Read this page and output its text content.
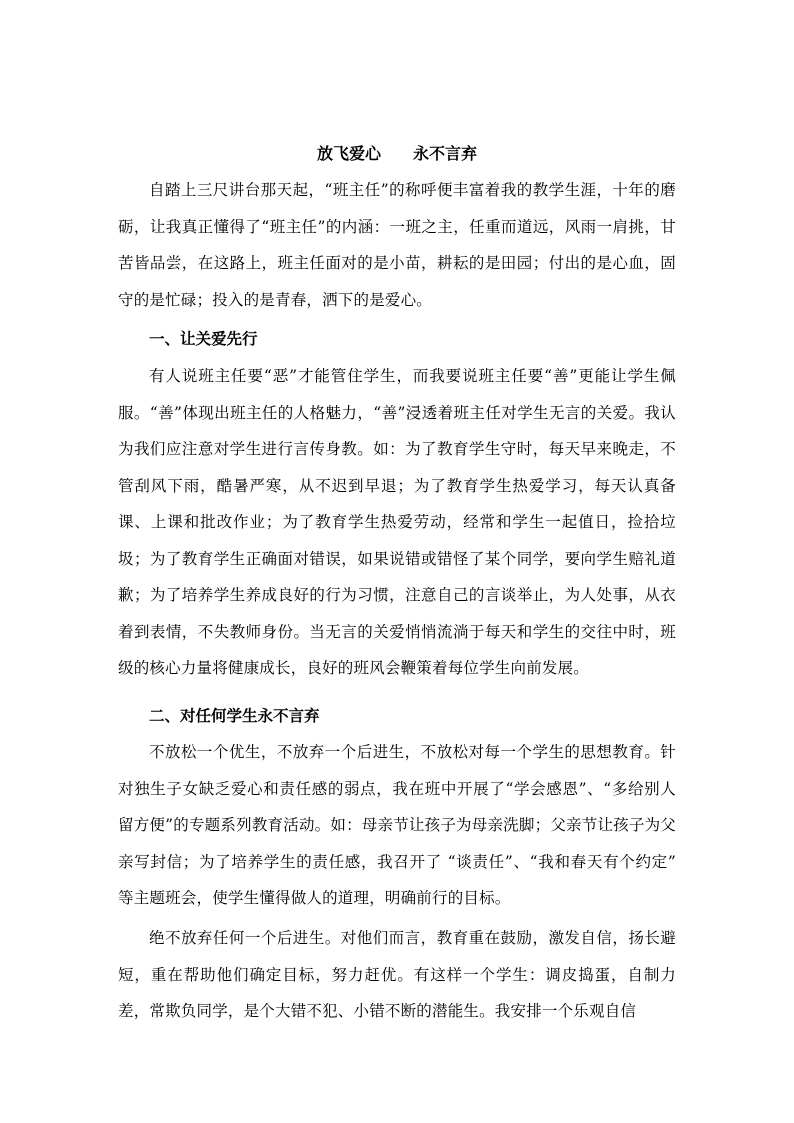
放飞爱心　　永不言弃

自踏上三尺讲台那天起，“班主任”的称呼便丰富着我的教学生涯，十年的磨砺，让我真正懂得了“班主任”的内涵：一班之主，任重而道远，风雨一肩挑，甘苦皆品尝，在这路上，班主任面对的是小苗，耕耘的是田园；付出的是心血，固守的是忙碌；投入的是青春，洒下的是爱心。

一、让关爱先行

有人说班主任要“恶”才能管住学生，而我要说班主任要“善”更能让学生佩服。“善”体现出班主任的人格魅力，“善”浸透着班主任对学生无言的关爱。我认为我们应注意对学生进行言传身教。如：为了教育学生守时，每天早来晚走，不管刮风下雨，酷暑严寒，从不迟到早退；为了教育学生热爱学习，每天认真备课、上课和批改作业；为了教育学生热爱劳动，经常和学生一起值日，捡拾垃圾；为了教育学生正确面对错误，如果说错或错怪了某个同学，要向学生赔礼道歉；为了培养学生养成良好的行为习惯，注意自己的言谈举止，为人处事，从衣着到表情，不失教师身份。当无言的关爱悄悄流淌于每天和学生的交往中时，班级的核心力量将健康成长，良好的班风会鞭策着每位学生向前发展。

二、对任何学生永不言弃

不放松一个优生，不放弃一个后进生，不放松对每一个学生的思想教育。针对独生子女缺乏爱心和责任感的弱点，我在班中开展了“学会感恩”、“多给别人留方便”的专题系列教育活动。如：母亲节让孩子为母亲洗脚；父亲节让孩子为父亲写封信；为了培养学生的责任感，我召开了 “谈责任”、“我和春天有个约定” 等主题班会，使学生懂得做人的道理，明确前行的目标。

绝不放弃任何一个后进生。对他们而言，教育重在鼓励，激发自信，扬长避短，重在帮助他们确定目标，努力赶优。有这样一个学生：调皮捣蛋，自制力差，常欺负同学，是个大错不犯、小错不断的潜能生。我安排一个乐观自信
